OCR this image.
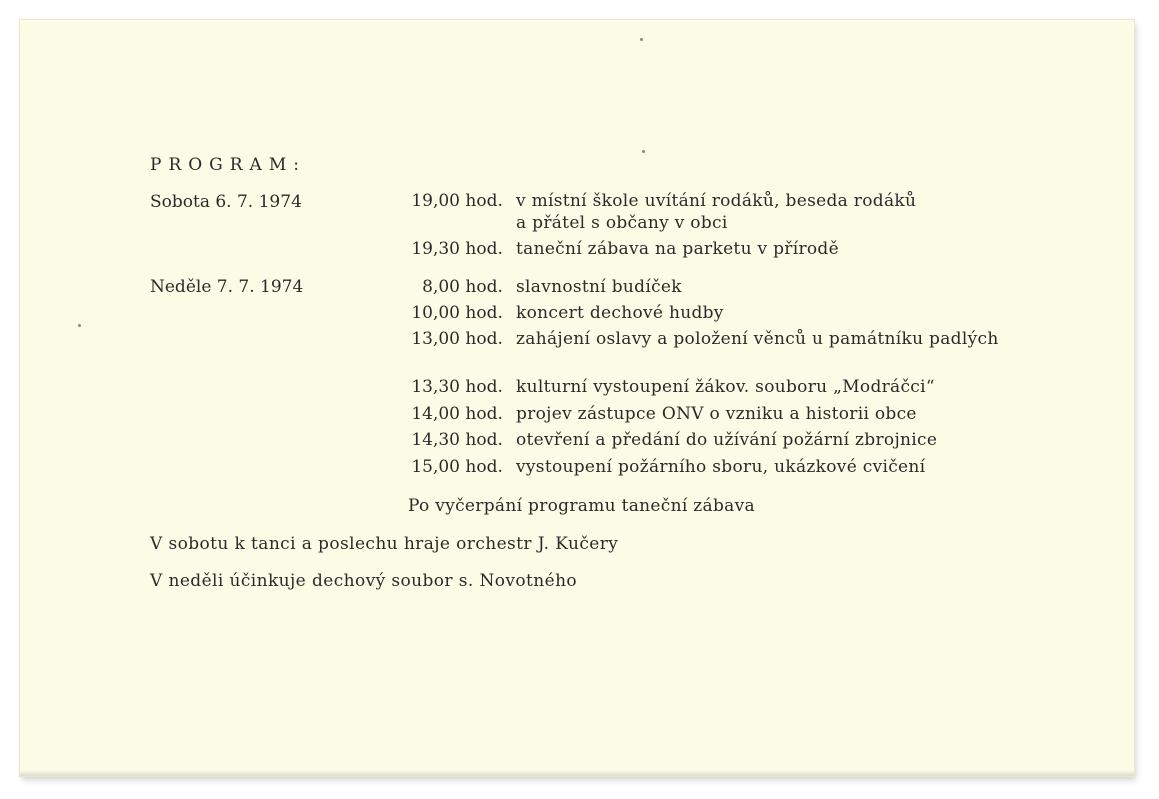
PROGRAM:
Sobota 6. 7. 1974	19,00 hod. v místní škole uvítání rodáků, beseda rodáků a přátel s občany v obci
19,30 hod. taneční zábava na parketu v přírodě
Neděle 7. 7. 1974	8,00 hod. slavnostní budíček
10,00 hod. koncert dechové hudby
13,00 hod. zahájení oslavy a položení věnců u památníku padlých
13,30 hod. kulturní vystoupení žákov. souboru „Modráčci“
14,00 hod. projev zástupce ONV o vzniku a historii obce
14,30 hod. otevření a předání do užívání požární zbrojnice
15,00 hod. vystoupení požárního sboru, ukázkové cvičení
Po vyčerpání programu taneční zábava
V sobotu k tanci a poslechu hraje orchestr J. Kučery
V neděli účinkuje dechový soubor s. Novotného
